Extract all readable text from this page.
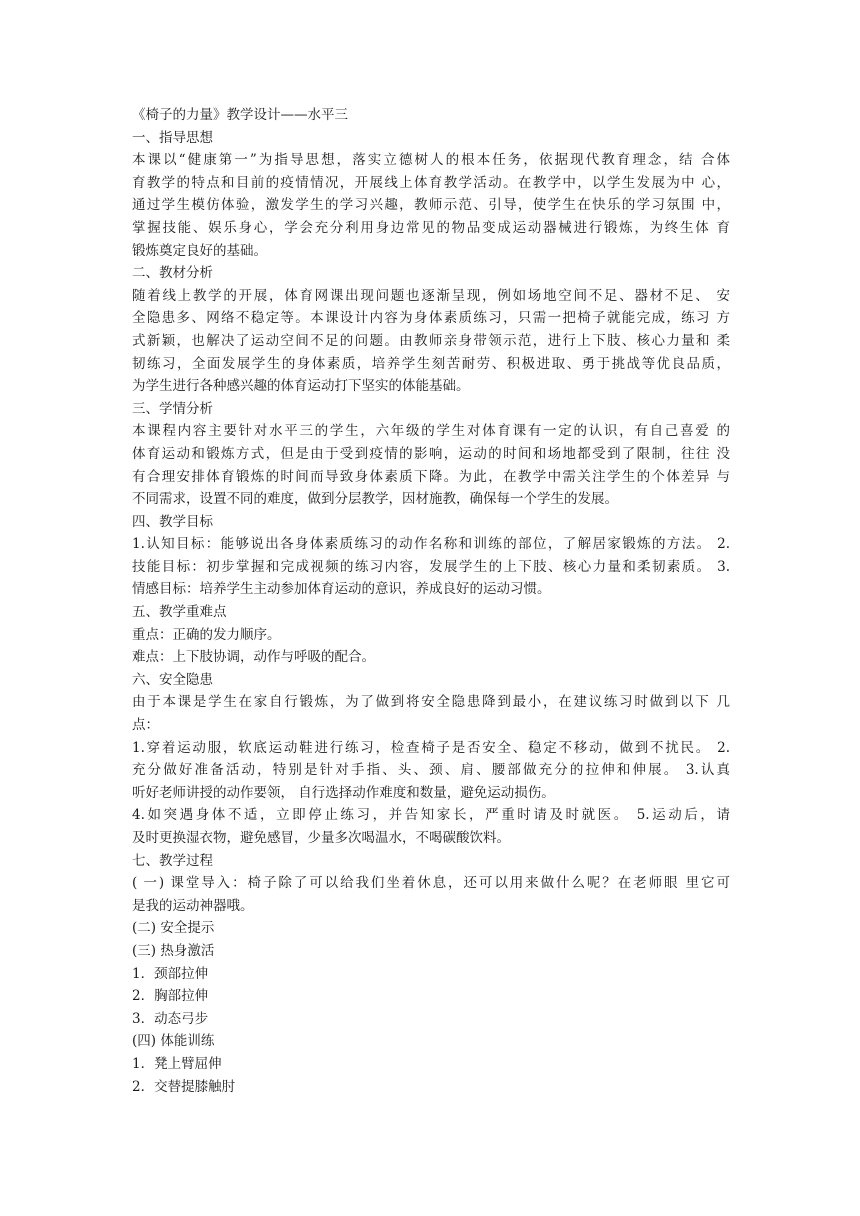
《椅子的力量》教学设计——水平三
一、指导思想
本课以“健康第一”为指导思想，落实立德树人的根本任务，依据现代教育理念，结 合体
育教学的特点和目前的疫情情况，开展线上体育教学活动。在教学中，以学生发展为中 心，
通过学生模仿体验，激发学生的学习兴趣，教师示范、引导，使学生在快乐的学习氛围 中，
掌握技能、娱乐身心，学会充分利用身边常见的物品变成运动器械进行锻炼，为终生体 育
锻炼奠定良好的基础。
二、教材分析
随着线上教学的开展，体育网课出现问题也逐渐呈现，例如场地空间不足、器材不足、 安
全隐患多、网络不稳定等。本课设计内容为身体素质练习，只需一把椅子就能完成，练习 方
式新颖，也解决了运动空间不足的问题。由教师亲身带领示范，进行上下肢、核心力量和 柔
韧练习，全面发展学生的身体素质，培养学生刻苦耐劳、积极进取、勇于挑战等优良品质，
为学生进行各种感兴趣的体育运动打下坚实的体能基础。
三、学情分析
本课程内容主要针对水平三的学生，六年级的学生对体育课有一定的认识，有自己喜爱 的
体育运动和锻炼方式，但是由于受到疫情的影响，运动的时间和场地都受到了限制，往往 没
有合理安排体育锻炼的时间而导致身体素质下降。为此，在教学中需关注学生的个体差异 与
不同需求，设置不同的难度，做到分层教学，因材施教，确保每一个学生的发展。
四、教学目标
1.认知目标：能够说出各身体素质练习的动作名称和训练的部位，了解居家锻炼的方法。 2.
技能目标：初步掌握和完成视频的练习内容，发展学生的上下肢、核心力量和柔韧素质。 3.
情感目标：培养学生主动参加体育运动的意识，养成良好的运动习惯。
五、教学重难点
重点：正确的发力顺序。
难点：上下肢协调，动作与呼吸的配合。
六、安全隐患
由于本课是学生在家自行锻炼，为了做到将安全隐患降到最小，在建议练习时做到以下 几
点：
1.穿着运动服，软底运动鞋进行练习，检查椅子是否安全、稳定不移动，做到不扰民。 2.
充分做好准备活动，特别是针对手指、头、颈、肩、腰部做充分的拉伸和伸展。 3.认真
听好老师讲授的动作要领， 自行选择动作难度和数量，避免运动损伤。
4.如突遇身体不适，立即停止练习，并告知家长，严重时请及时就医。 5.运动后，请
及时更换湿衣物，避免感冒，少量多次喝温水，不喝碳酸饮料。
七、教学过程
( 一) 课堂导入：椅子除了可以给我们坐着休息，还可以用来做什么呢？在老师眼 里它可
是我的运动神器哦。
(二) 安全提示
(三) 热身激活
1．颈部拉伸
2．胸部拉伸
3．动态弓步
(四) 体能训练
1．凳上臂屈伸
2．交替提膝触肘
